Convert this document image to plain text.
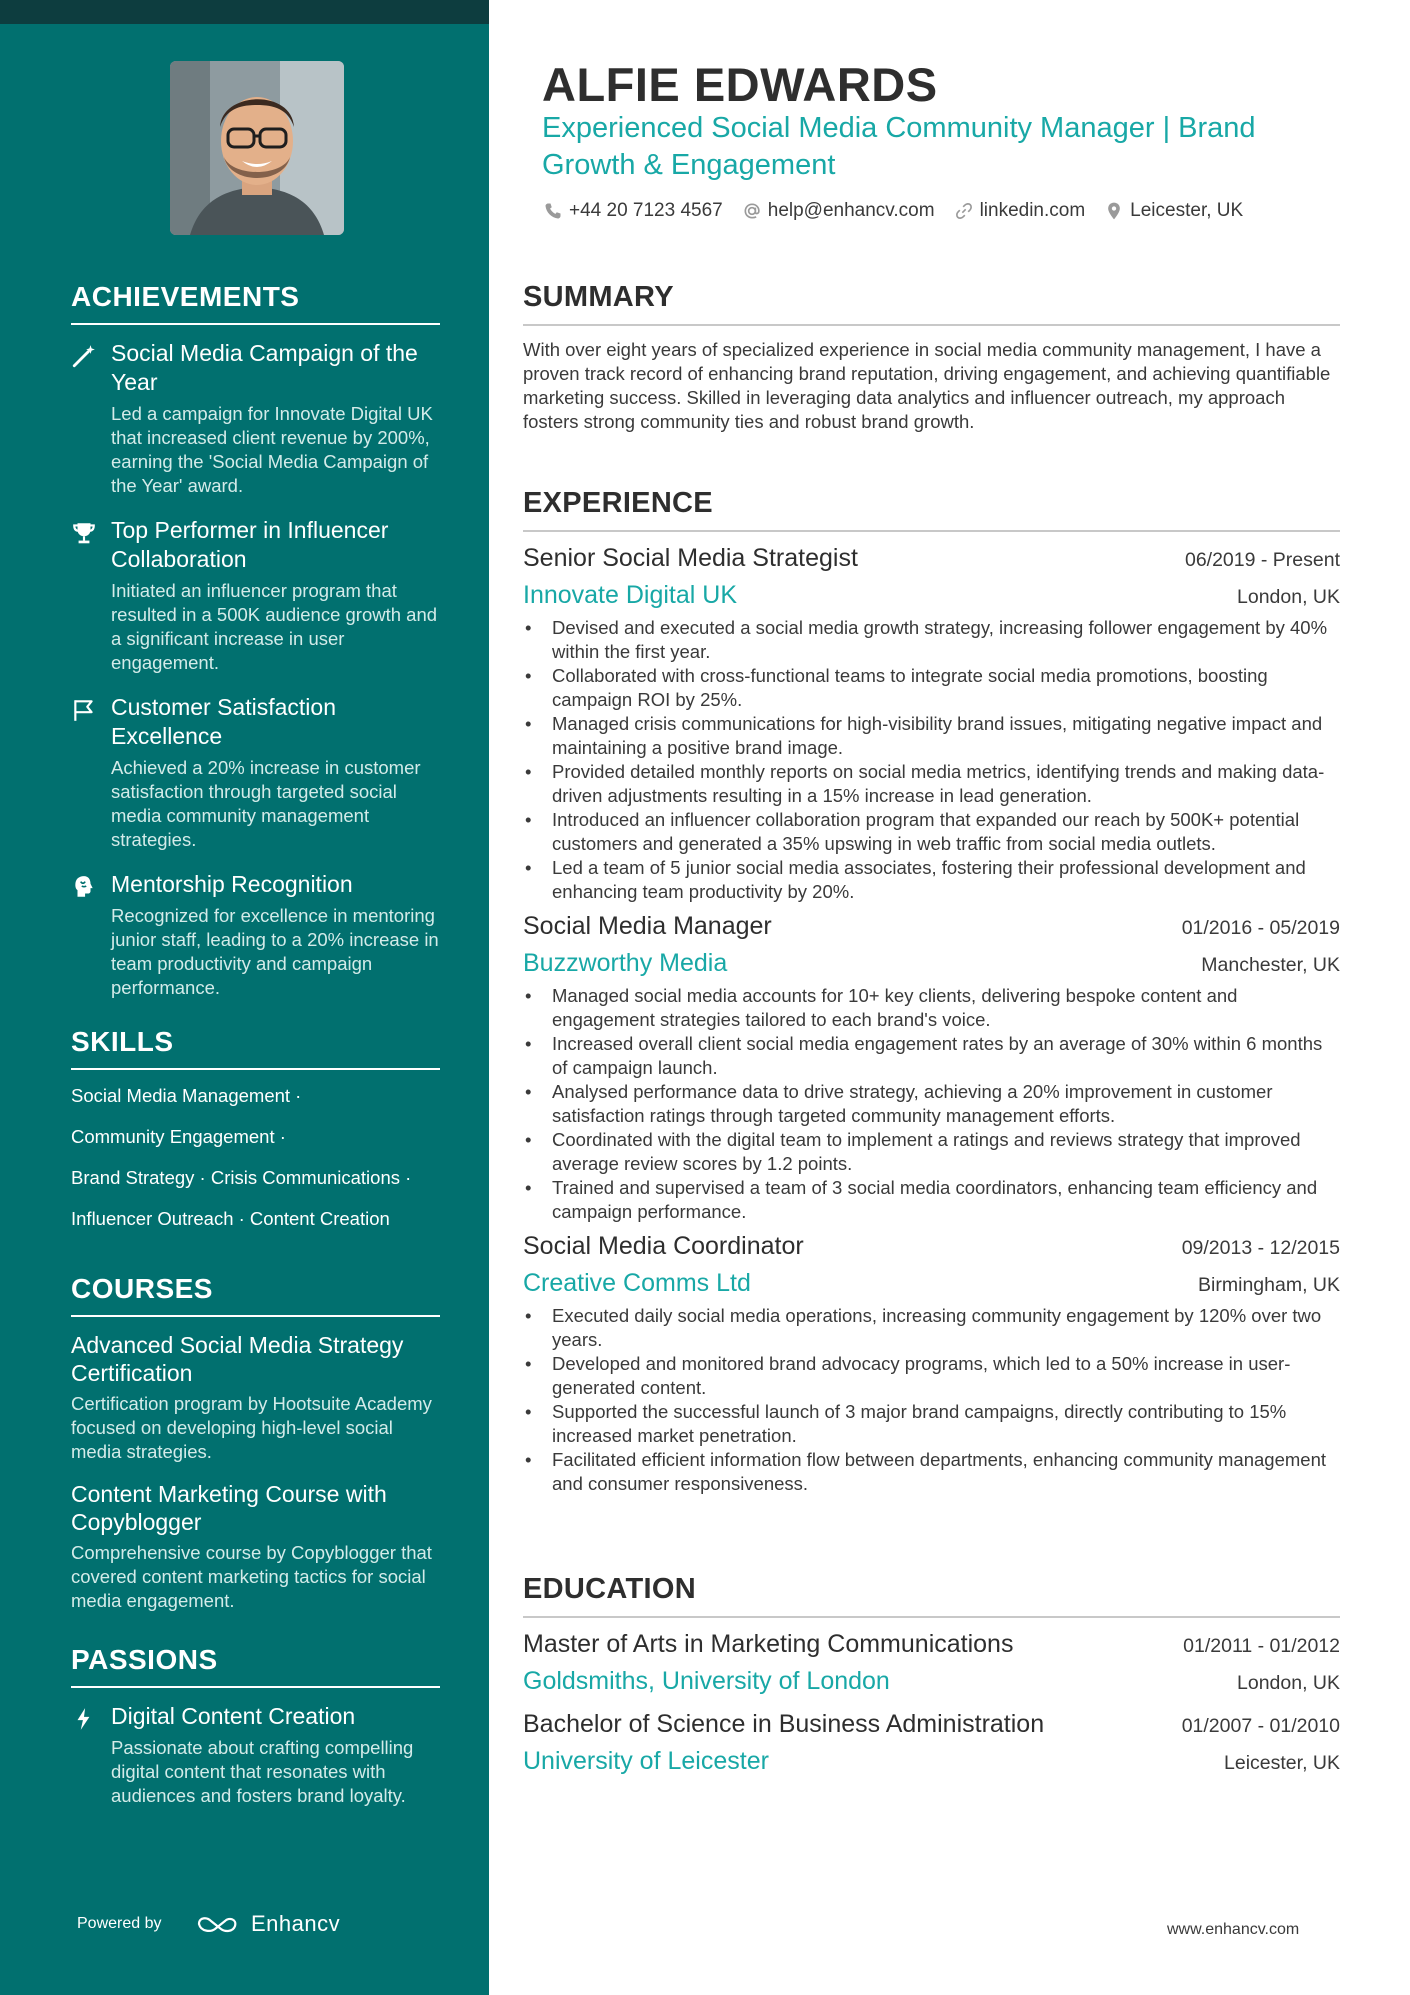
ACHIEVEMENTS
Social Media Campaign of the Year
Led a campaign for Innovate Digital UK that increased client revenue by 200%, earning the 'Social Media Campaign of the Year' award.
Top Performer in Influencer Collaboration
Initiated an influencer program that resulted in a 500K audience growth and a significant increase in user engagement.
Customer Satisfaction Excellence
Achieved a 20% increase in customer satisfaction through targeted social media community management strategies.
Mentorship Recognition
Recognized for excellence in mentoring junior staff, leading to a 20% increase in team productivity and campaign performance.
SKILLS
Social Media Management ·
Community Engagement ·
Brand Strategy · Crisis Communications ·
Influencer Outreach · Content Creation
COURSES
Advanced Social Media Strategy Certification
Certification program by Hootsuite Academy focused on developing high-level social media strategies.
Content Marketing Course with Copyblogger
Comprehensive course by Copyblogger that covered content marketing tactics for social media engagement.
PASSIONS
Digital Content Creation
Passionate about crafting compelling digital content that resonates with audiences and fosters brand loyalty.
Powered by	Enhancv
ALFIE EDWARDS
Experienced Social Media Community Manager | Brand Growth & Engagement
+44 20 7123 4567 help@enhancv.com linkedin.com Leicester, UK
SUMMARY

With over eight years of specialized experience in social media community management, I have a proven track record of enhancing brand reputation, driving engagement, and achieving quantifiable marketing success. Skilled in leveraging data analytics and influencer outreach, my approach fosters strong community ties and robust brand growth.

EXPERIENCE
Senior Social Media Strategist	06/2019 - Present
Innovate Digital UK	London, UK
• Devised and executed a social media growth strategy, increasing follower engagement by 40% within the first year.
• Collaborated with cross-functional teams to integrate social media promotions, boosting campaign ROI by 25%.
• Managed crisis communications for high-visibility brand issues, mitigating negative impact and maintaining a positive brand image.
• Provided detailed monthly reports on social media metrics, identifying trends and making data-driven adjustments resulting in a 15% increase in lead generation.
• Introduced an influencer collaboration program that expanded our reach by 500K+ potential customers and generated a 35% upswing in web traffic from social media outlets.
• Led a team of 5 junior social media associates, fostering their professional development and enhancing team productivity by 20%.
Social Media Manager	01/2016 - 05/2019
Buzzworthy Media	Manchester, UK
• Managed social media accounts for 10+ key clients, delivering bespoke content and engagement strategies tailored to each brand's voice.
• Increased overall client social media engagement rates by an average of 30% within 6 months of campaign launch.
• Analysed performance data to drive strategy, achieving a 20% improvement in customer satisfaction ratings through targeted community management efforts.
• Coordinated with the digital team to implement a ratings and reviews strategy that improved average review scores by 1.2 points.
• Trained and supervised a team of 3 social media coordinators, enhancing team efficiency and campaign performance.
Social Media Coordinator	09/2013 - 12/2015
Creative Comms Ltd	Birmingham, UK
• Executed daily social media operations, increasing community engagement by 120% over two years.
• Developed and monitored brand advocacy programs, which led to a 50% increase in user-generated content.
• Supported the successful launch of 3 major brand campaigns, directly contributing to 15% increased market penetration.
• Facilitated efficient information flow between departments, enhancing community management and consumer responsiveness.
EDUCATION
Master of Arts in Marketing Communications	01/2011 - 01/2012
Goldsmiths, University of London	London, UK
Bachelor of Science in Business Administration	01/2007 - 01/2010
University of Leicester	Leicester, UK
www.enhancv.com
